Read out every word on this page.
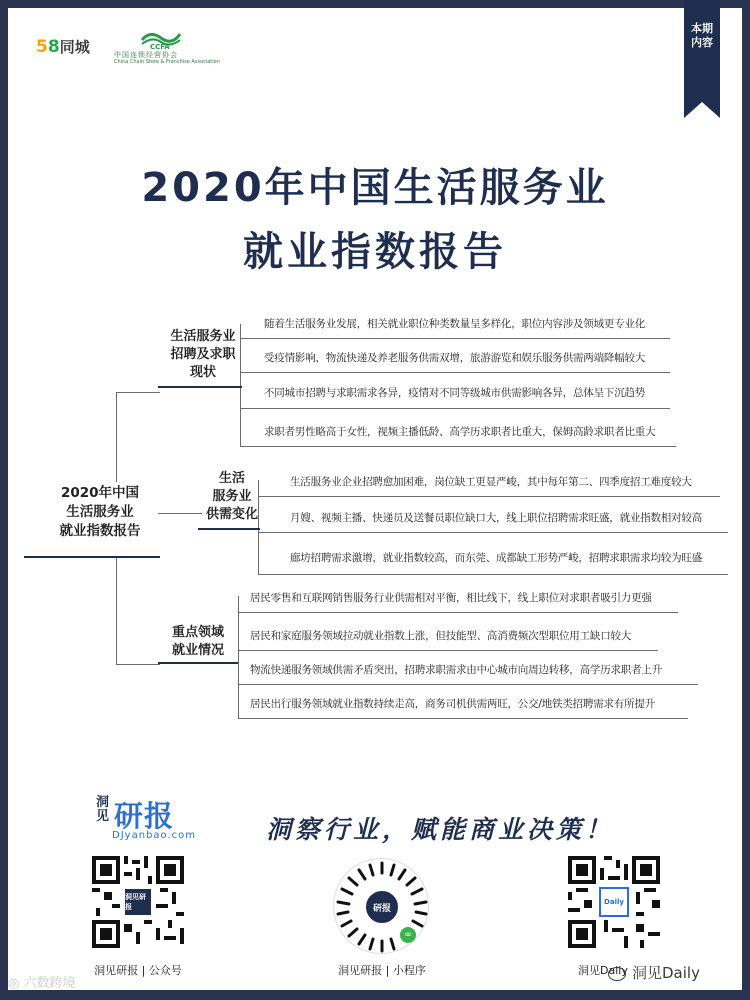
58同城	CCFA
中国连锁经营协会
China Chain Store & Franchise Association
本期
内容
2020年中国生活服务业
就业指数报告
2020年中国
生活服务业
就业指数报告
生活服务业
招聘及求职
现状
随着生活服务业发展，相关就业职位种类数量呈多样化，职位内容涉及领域更专业化
受疫情影响，物流快递及养老服务供需双增，旅游游览和娱乐服务供需两端降幅较大
不同城市招聘与求职需求各异，疫情对不同等级城市供需影响各异，总体呈下沉趋势
求职者男性略高于女性，视频主播低龄、高学历求职者比重大，保姆高龄求职者比重大
生活
服务业
供需变化
生活服务业企业招聘愈加困难，岗位缺工更显严峻，其中每年第二、四季度招工难度较大
月嫂、视频主播、快递员及送餐员职位缺口大，线上职位招聘需求旺盛，就业指数相对较高
廊坊招聘需求激增，就业指数较高，而东莞、成都缺工形势严峻，招聘求职需求均较为旺盛
重点领域
就业情况
居民零售和互联网销售服务行业供需相对平衡，相比线下，线上职位对求职者吸引力更强
居民和家庭服务领域拉动就业指数上涨，但技能型、高消费频次型职位用工缺口较大
物流快递服务领域供需矛盾突出，招聘求职需求由中心城市向周边转移，高学历求职者上升
居民出行服务领域就业指数持续走高，商务司机供需两旺，公交/地铁类招聘需求有所提升
洞见 研报
DJyanbao.com	洞察行业，赋能商业决策！
洞见研报
洞见研报 | 公众号
研报
∞
洞见研报 | 小程序
Daily
洞见Daily
◎ 六数跨境
洞见Daily
